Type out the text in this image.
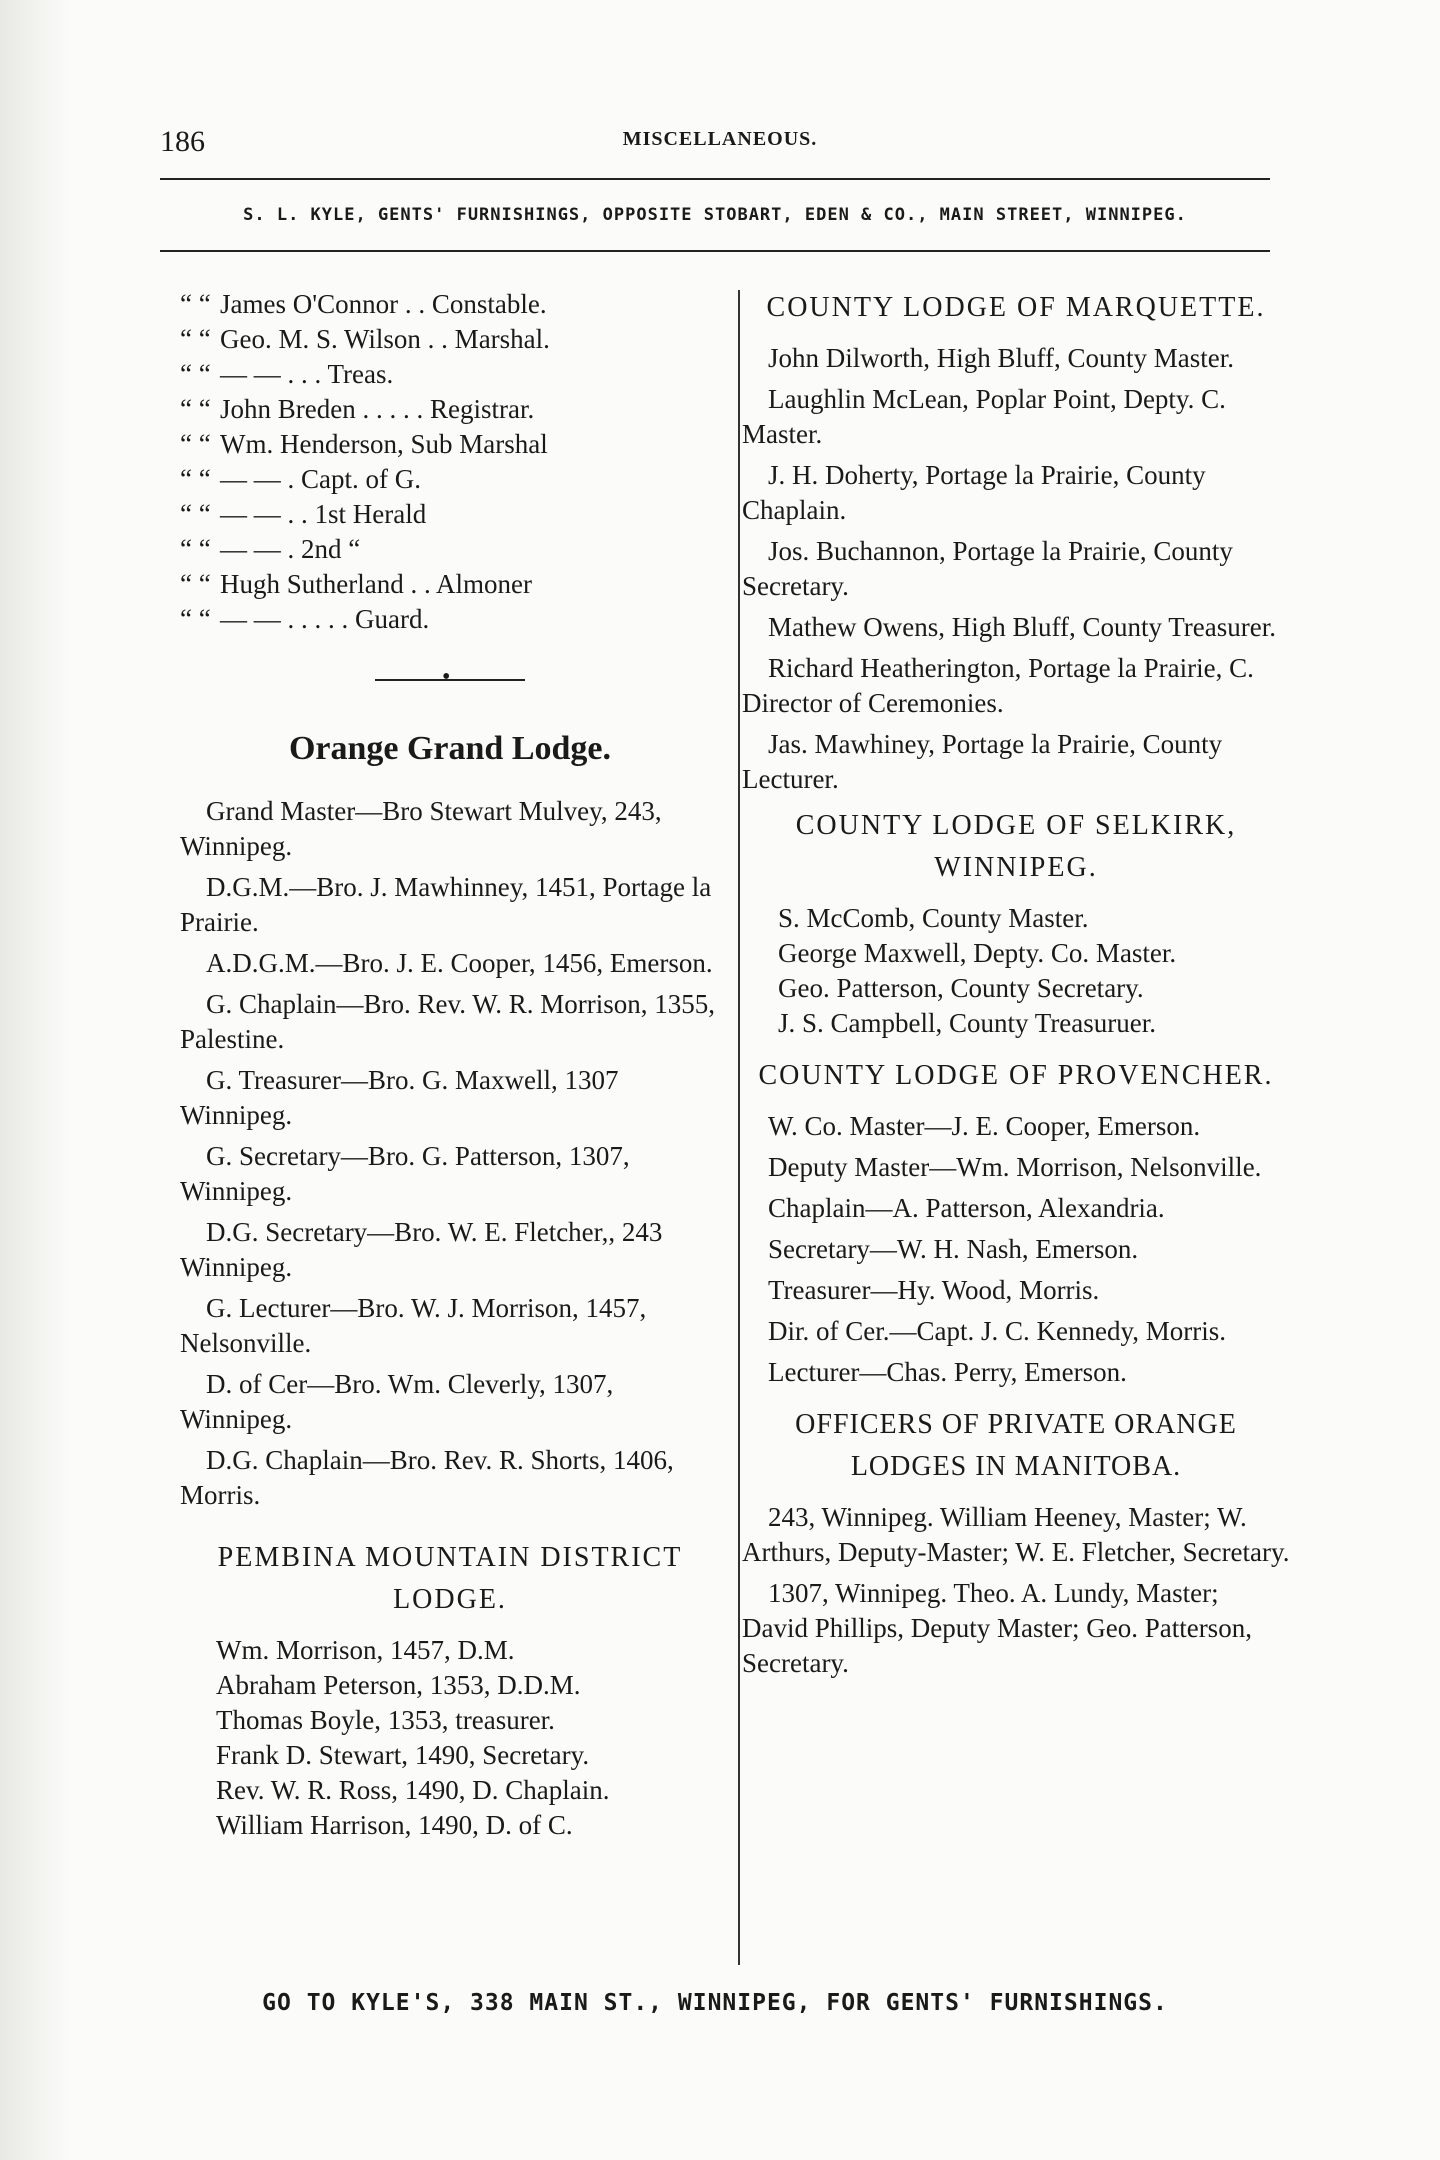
186	MISCELLANEOUS.
S. L. KYLE, GENTS' FURNISHINGS, OPPOSITE STOBART, EDEN & CO., MAIN STREET, WINNIPEG.
“ “ James O'Connor . . Constable.
“ “ Geo. M. S. Wilson . . Marshal.
“ “ — — . . . Treas.
“ “ John Breden . . . . . Registrar.
“ “ Wm. Henderson, Sub Marshal
“ “ — — . Capt. of G.
“ “ — — . . 1st Herald
“ “ — — . 2nd “
“ “ Hugh Sutherland . . Almoner
“ “ — — . . . . . Guard.
•
Orange Grand Lodge.

Grand Master—Bro Stewart Mulvey, 243, Winnipeg.

D.G.M.—Bro. J. Mawhinney, 1451, Portage la Prairie.

A.D.G.M.—Bro. J. E. Cooper, 1456, Emerson.

G. Chaplain—Bro. Rev. W. R. Morrison, 1355, Palestine.

G. Treasurer—Bro. G. Maxwell, 1307 Winnipeg.

G. Secretary—Bro. G. Patterson, 1307, Winnipeg.

D.G. Secretary—Bro. W. E. Fletcher,, 243 Winnipeg.

G. Lecturer—Bro. W. J. Morrison, 1457, Nelsonville.

D. of Cer—Bro. Wm. Cleverly, 1307, Winnipeg.

D.G. Chaplain—Bro. Rev. R. Shorts, 1406, Morris.

PEMBINA MOUNTAIN DISTRICT LODGE.
Wm. Morrison, 1457, D.M.
Abraham Peterson, 1353, D.D.M.
Thomas Boyle, 1353, treasurer.
Frank D. Stewart, 1490, Secretary.
Rev. W. R. Ross, 1490, D. Chaplain.
William Harrison, 1490, D. of C.
COUNTY LODGE OF MARQUETTE.

John Dilworth, High Bluff, County Master.

Laughlin McLean, Poplar Point, Depty. C. Master.

J. H. Doherty, Portage la Prairie, County Chaplain.

Jos. Buchannon, Portage la Prairie, County Secretary.

Mathew Owens, High Bluff, County Treasurer.

Richard Heatherington, Portage la Prairie, C. Director of Ceremonies.

Jas. Mawhiney, Portage la Prairie, County Lecturer.

COUNTY LODGE OF SELKIRK, WINNIPEG.
S. McComb, County Master.
George Maxwell, Depty. Co. Master.
Geo. Patterson, County Secretary.
J. S. Campbell, County Treasuruer.
COUNTY LODGE OF PROVENCHER.

W. Co. Master—J. E. Cooper, Emerson.

Deputy Master—Wm. Morrison, Nelsonville.

Chaplain—A. Patterson, Alexandria.

Secretary—W. H. Nash, Emerson.

Treasurer—Hy. Wood, Morris.

Dir. of Cer.—Capt. J. C. Kennedy, Morris.

Lecturer—Chas. Perry, Emerson.

OFFICERS OF PRIVATE ORANGE LODGES IN MANITOBA.

243, Winnipeg. William Heeney, Master; W. Arthurs, Deputy-Master; W. E. Fletcher, Secretary.

1307, Winnipeg. Theo. A. Lundy, Master; David Phillips, Deputy Master; Geo. Patterson, Secretary.

GO TO KYLE'S, 338 MAIN ST., WINNIPEG, FOR GENTS' FURNISHINGS.
